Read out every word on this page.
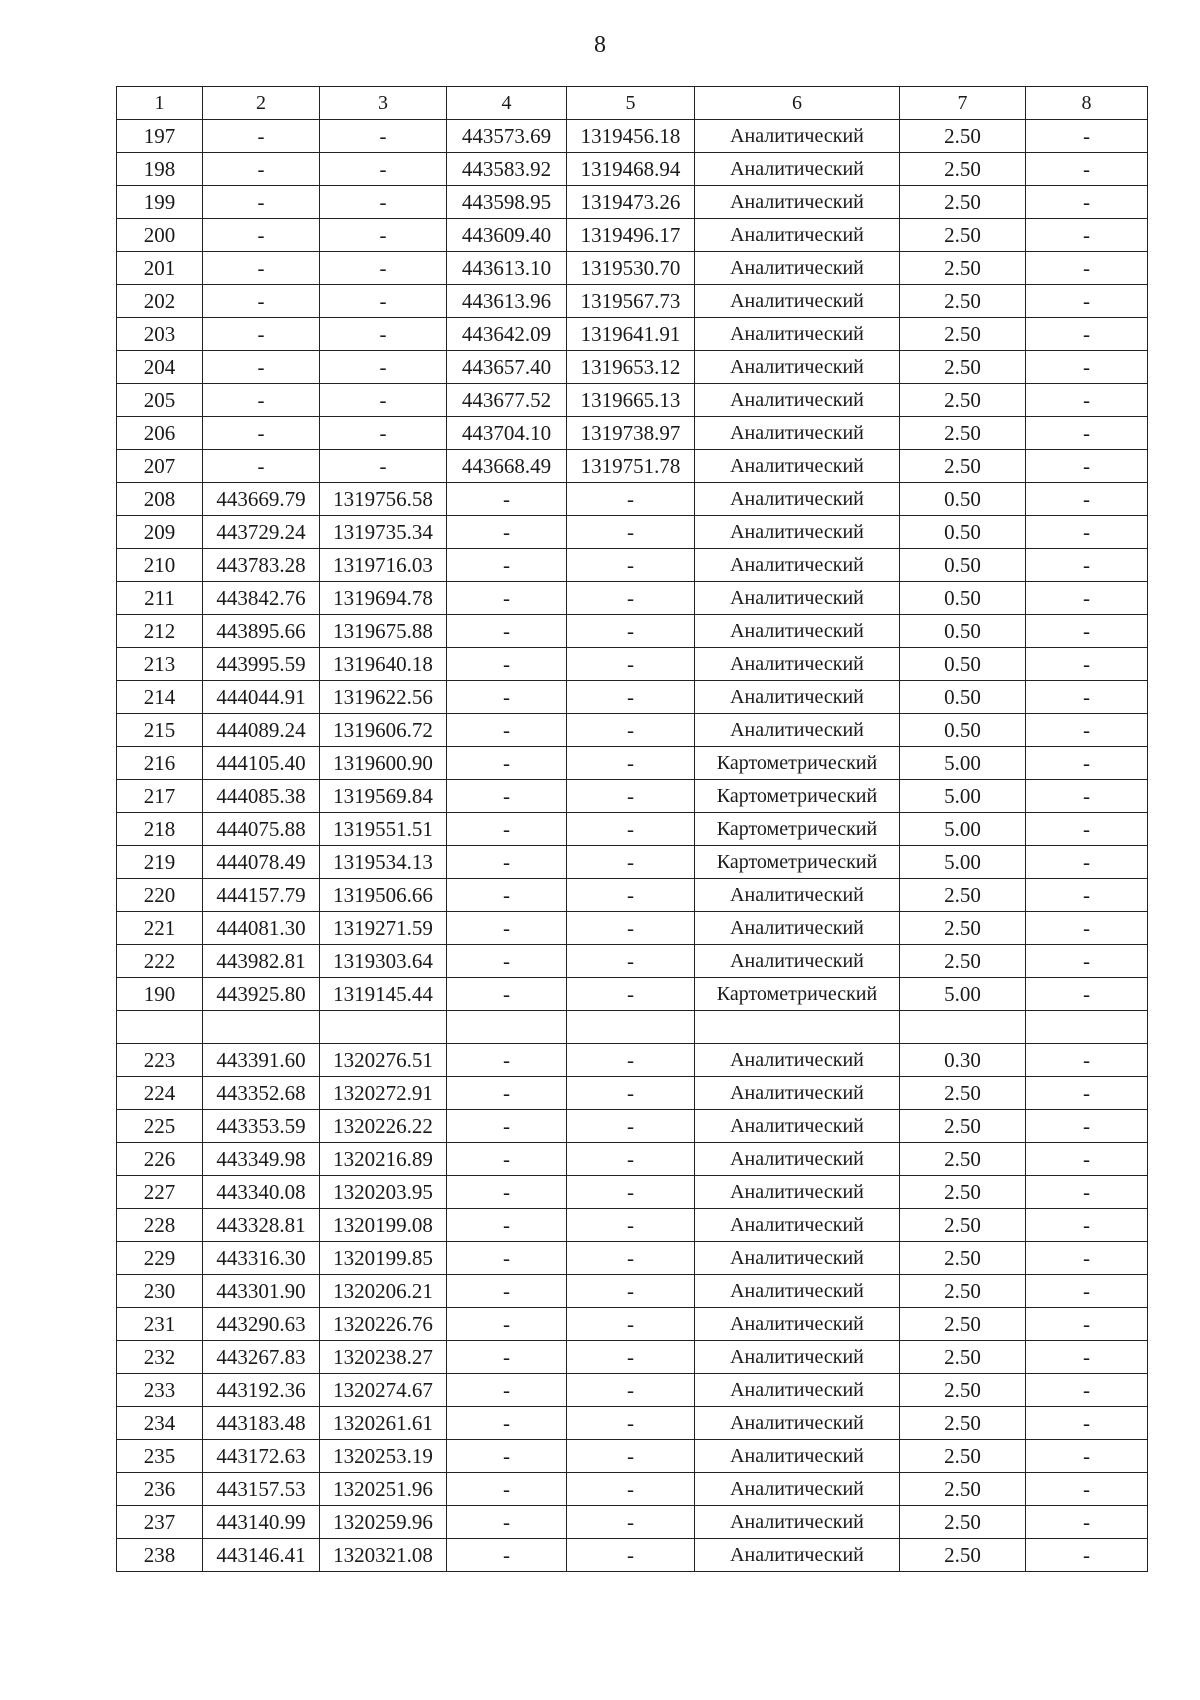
8
1	2	3	4	5	6	7	8
197	-	-	443573.69	1319456.18	Аналитический	2.50	-
198	-	-	443583.92	1319468.94	Аналитический	2.50	-
199	-	-	443598.95	1319473.26	Аналитический	2.50	-
200	-	-	443609.40	1319496.17	Аналитический	2.50	-
201	-	-	443613.10	1319530.70	Аналитический	2.50	-
202	-	-	443613.96	1319567.73	Аналитический	2.50	-
203	-	-	443642.09	1319641.91	Аналитический	2.50	-
204	-	-	443657.40	1319653.12	Аналитический	2.50	-
205	-	-	443677.52	1319665.13	Аналитический	2.50	-
206	-	-	443704.10	1319738.97	Аналитический	2.50	-
207	-	-	443668.49	1319751.78	Аналитический	2.50	-
208	443669.79	1319756.58	-	-	Аналитический	0.50	-
209	443729.24	1319735.34	-	-	Аналитический	0.50	-
210	443783.28	1319716.03	-	-	Аналитический	0.50	-
211	443842.76	1319694.78	-	-	Аналитический	0.50	-
212	443895.66	1319675.88	-	-	Аналитический	0.50	-
213	443995.59	1319640.18	-	-	Аналитический	0.50	-
214	444044.91	1319622.56	-	-	Аналитический	0.50	-
215	444089.24	1319606.72	-	-	Аналитический	0.50	-
216	444105.40	1319600.90	-	-	Картометрический	5.00	-
217	444085.38	1319569.84	-	-	Картометрический	5.00	-
218	444075.88	1319551.51	-	-	Картометрический	5.00	-
219	444078.49	1319534.13	-	-	Картометрический	5.00	-
220	444157.79	1319506.66	-	-	Аналитический	2.50	-
221	444081.30	1319271.59	-	-	Аналитический	2.50	-
222	443982.81	1319303.64	-	-	Аналитический	2.50	-
190	443925.80	1319145.44	-	-	Картометрический	5.00	-

223	443391.60	1320276.51	-	-	Аналитический	0.30	-
224	443352.68	1320272.91	-	-	Аналитический	2.50	-
225	443353.59	1320226.22	-	-	Аналитический	2.50	-
226	443349.98	1320216.89	-	-	Аналитический	2.50	-
227	443340.08	1320203.95	-	-	Аналитический	2.50	-
228	443328.81	1320199.08	-	-	Аналитический	2.50	-
229	443316.30	1320199.85	-	-	Аналитический	2.50	-
230	443301.90	1320206.21	-	-	Аналитический	2.50	-
231	443290.63	1320226.76	-	-	Аналитический	2.50	-
232	443267.83	1320238.27	-	-	Аналитический	2.50	-
233	443192.36	1320274.67	-	-	Аналитический	2.50	-
234	443183.48	1320261.61	-	-	Аналитический	2.50	-
235	443172.63	1320253.19	-	-	Аналитический	2.50	-
236	443157.53	1320251.96	-	-	Аналитический	2.50	-
237	443140.99	1320259.96	-	-	Аналитический	2.50	-
238	443146.41	1320321.08	-	-	Аналитический	2.50	-
